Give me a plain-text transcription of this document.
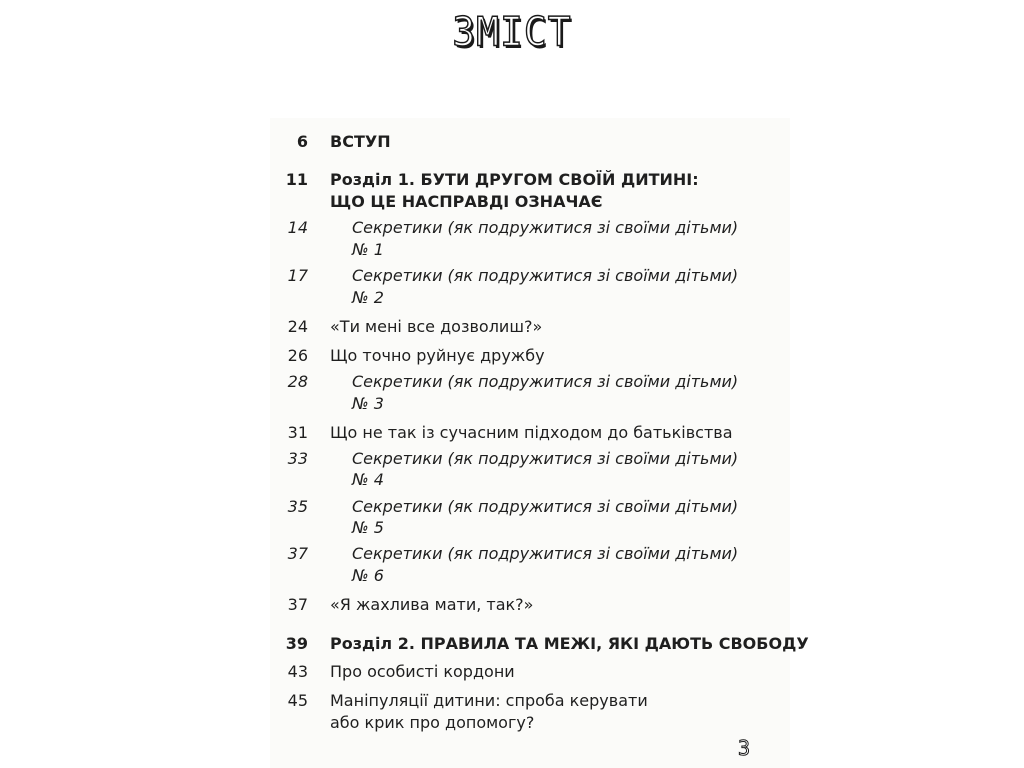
ЗМІСТ
6 ВСТУП
11 Розділ 1. БУТИ ДРУГОМ СВОЇЙ ДИТИНІ:
ЩО ЦЕ НАСПРАВДІ ОЗНАЧАЄ
14	Секретики (як подружитися зі своїми дітьми)
№ 1
17	Секретики (як подружитися зі своїми дітьми)
№ 2
24 «Ти мені все дозволиш?»
26 Що точно руйнує дружбу
28	Секретики (як подружитися зі своїми дітьми)
№ 3
31 Що не так із сучасним підходом до батьківства
33	Секретики (як подружитися зі своїми дітьми)
№ 4
35	Секретики (як подружитися зі своїми дітьми)
№ 5
37	Секретики (як подружитися зі своїми дітьми)
№ 6
37 «Я жахлива мати, так?»
39 Розділ 2. ПРАВИЛА ТА МЕЖІ, ЯКІ ДАЮТЬ СВОБОДУ
43 Про особисті кордони
45 Маніпуляції дитини: спроба керувати
або крик про допомогу?
3
